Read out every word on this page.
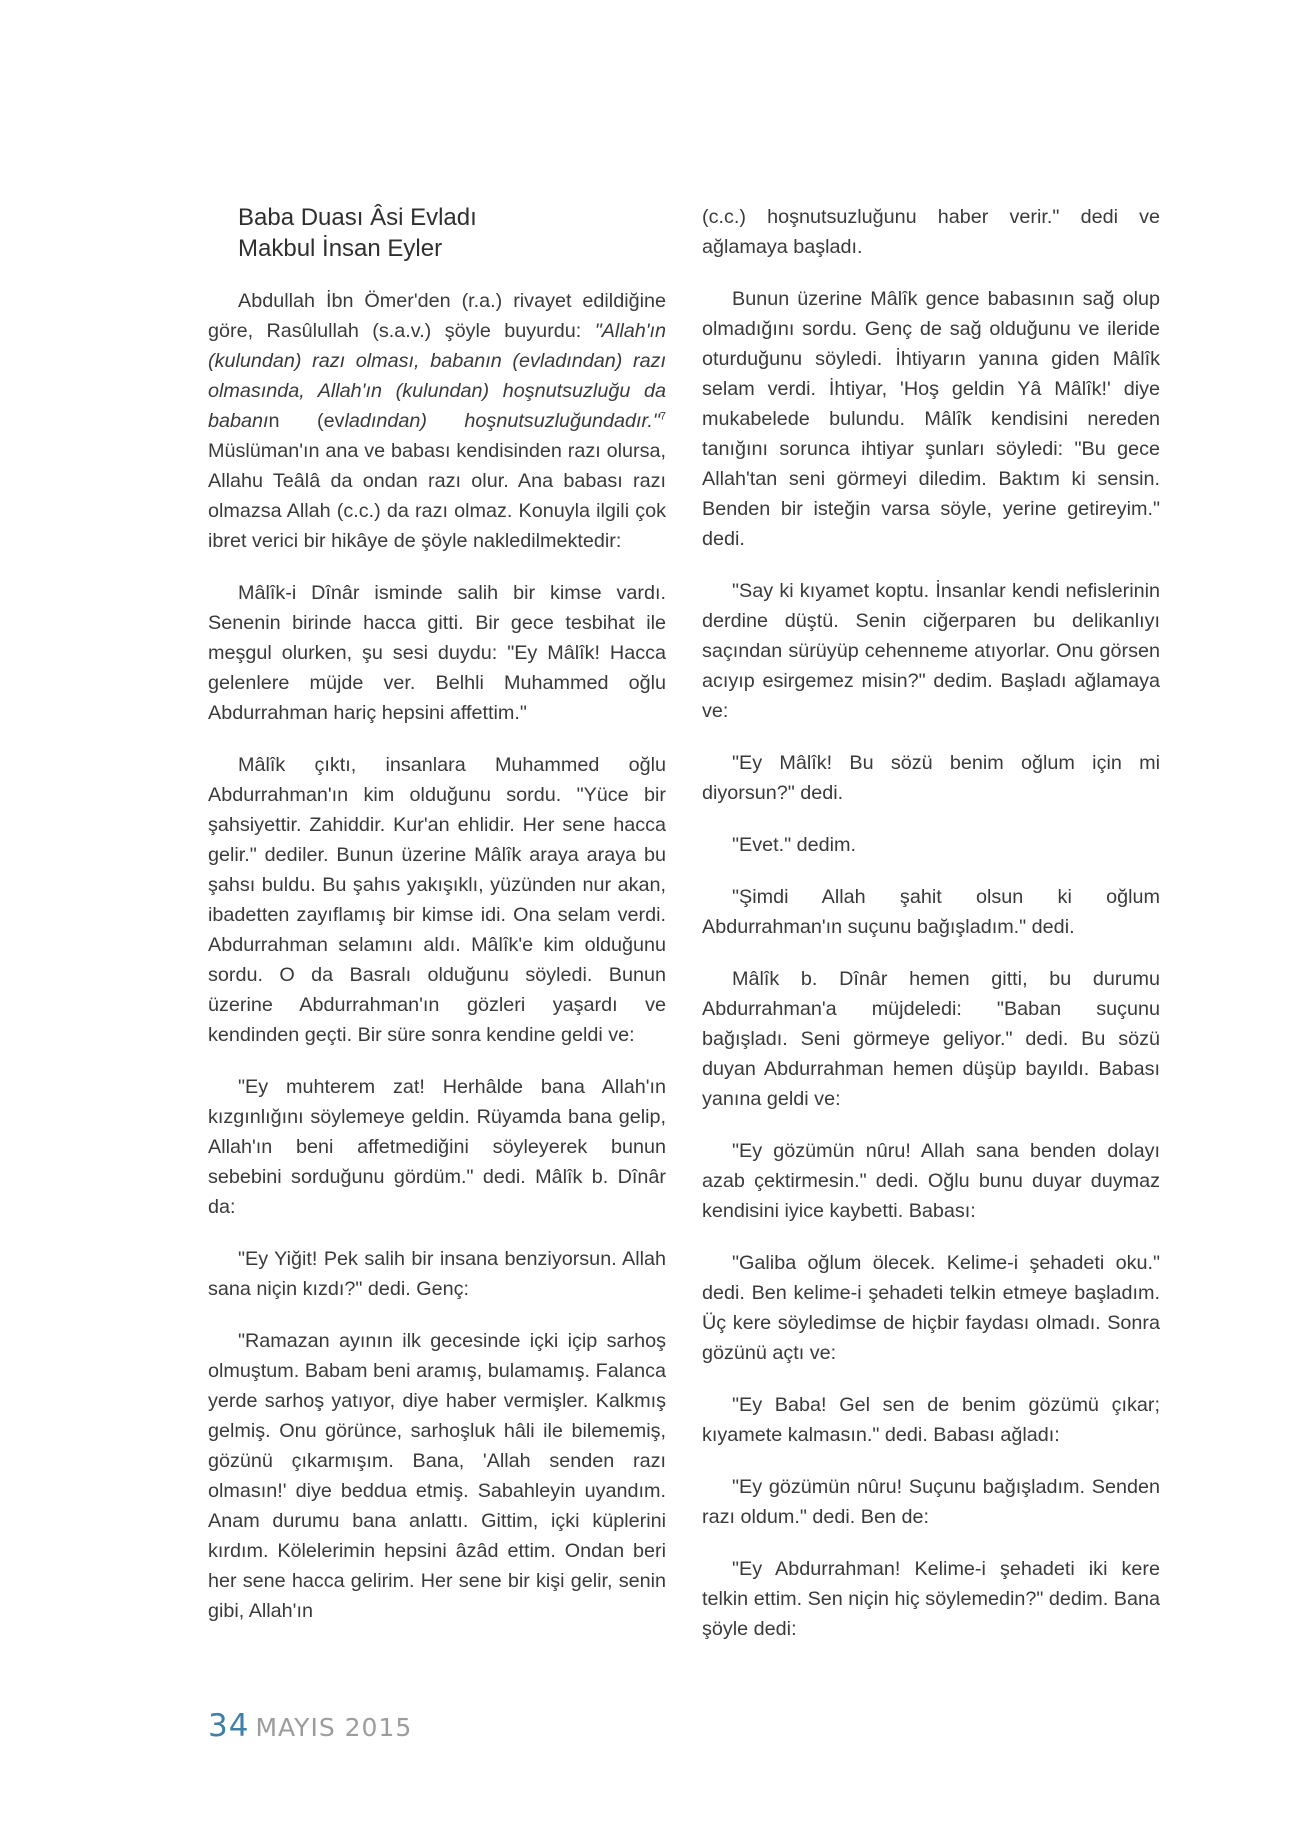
Baba Duası Âsi Evladı
Makbul İnsan Eyler

Abdullah İbn Ömer'den (r.a.) rivayet edildiğine göre, Rasûlullah (s.a.v.) şöyle buyurdu: "Allah'ın (kulundan) razı olması, babanın (evladından) razı olmasında, Allah'ın (kulundan) hoşnutsuzluğu da babanın (evladından) hoşnutsuzluğundadır."$^7$ Müslüman'ın ana ve babası kendisinden razı olursa, Allahu Teâlâ da ondan razı olur. Ana babası razı olmazsa Allah (c.c.) da razı olmaz. Konuyla ilgili çok ibret verici bir hikâye de şöyle nakledilmektedir:

Mâlîk-i Dînâr isminde salih bir kimse vardı. Senenin birinde hacca gitti. Bir gece tesbihat ile meşgul olurken, şu sesi duydu: "Ey Mâlîk! Hacca gelenlere müjde ver. Belhli Muhammed oğlu Abdurrahman hariç hepsini affettim."

Mâlîk çıktı, insanlara Muhammed oğlu Abdurrahman'ın kim olduğunu sordu. "Yüce bir şahsiyettir. Zahiddir. Kur'an ehlidir. Her sene hacca gelir." dediler. Bunun üzerine Mâlîk araya araya bu şahsı buldu. Bu şahıs yakışıklı, yüzünden nur akan, ibadetten zayıflamış bir kimse idi. Ona selam verdi. Abdurrahman selamını aldı. Mâlîk'e kim olduğunu sordu. O da Basralı olduğunu söyledi. Bunun üzerine Abdurrahman'ın gözleri yaşardı ve kendinden geçti. Bir süre sonra kendine geldi ve:

"Ey muhterem zat! Herhâlde bana Allah'ın kızgınlığını söylemeye geldin. Rüyamda bana gelip, Allah'ın beni affetmediğini söyleyerek bunun sebebini sorduğunu gördüm." dedi. Mâlîk b. Dînâr da:

"Ey Yiğit! Pek salih bir insana benziyorsun. Allah sana niçin kızdı?" dedi. Genç:

"Ramazan ayının ilk gecesinde içki içip sarhoş olmuştum. Babam beni aramış, bulamamış. Falanca yerde sarhoş yatıyor, diye haber vermişler. Kalkmış gelmiş. Onu görünce, sarhoşluk hâli ile bilememiş, gözünü çıkarmışım. Bana, 'Allah senden razı olmasın!' diye beddua etmiş. Sabahleyin uyandım. Anam durumu bana anlattı. Gittim, içki küplerini kırdım. Kölelerimin hepsini âzâd ettim. Ondan beri her sene hacca gelirim. Her sene bir kişi gelir, senin gibi, Allah'ın

(c.c.) hoşnutsuzluğunu haber verir." dedi ve ağlamaya başladı.

Bunun üzerine Mâlîk gence babasının sağ olup olmadığını sordu. Genç de sağ olduğunu ve ileride oturduğunu söyledi. İhtiyarın yanına giden Mâlîk selam verdi. İhtiyar, 'Hoş geldin Yâ Mâlîk!' diye mukabelede bulundu. Mâlîk kendisini nereden tanığını sorunca ihtiyar şunları söyledi: "Bu gece Allah'tan seni görmeyi diledim. Baktım ki sensin. Benden bir isteğin varsa söyle, yerine getireyim." dedi.

"Say ki kıyamet koptu. İnsanlar kendi nefislerinin derdine düştü. Senin ciğerparen bu delikanlıyı saçından sürüyüp cehenneme atıyorlar. Onu görsen acıyıp esirgemez misin?" dedim. Başladı ağlamaya ve:

"Ey Mâlîk! Bu sözü benim oğlum için mi diyorsun?" dedi.

"Evet." dedim.

"Şimdi Allah şahit olsun ki oğlum Abdurrahman'ın suçunu bağışladım." dedi.

Mâlîk b. Dînâr hemen gitti, bu durumu Abdurrahman'a müjdeledi: "Baban suçunu bağışladı. Seni görmeye geliyor." dedi. Bu sözü duyan Abdurrahman hemen düşüp bayıldı. Babası yanına geldi ve:

"Ey gözümün nûru! Allah sana benden dolayı azab çektirmesin." dedi. Oğlu bunu duyar duymaz kendisini iyice kaybetti. Babası:

"Galiba oğlum ölecek. Kelime-i şehadeti oku." dedi. Ben kelime-i şehadeti telkin etmeye başladım. Üç kere söyledimse de hiçbir faydası olmadı. Sonra gözünü açtı ve:

"Ey Baba! Gel sen de benim gözümü çıkar; kıyamete kalmasın." dedi. Babası ağladı:

"Ey gözümün nûru! Suçunu bağışladım. Senden razı oldum." dedi. Ben de:

"Ey Abdurrahman! Kelime-i şehadeti iki kere telkin ettim. Sen niçin hiç söylemedin?" dedim. Bana şöyle dedi:

34 MAYIS 2015
